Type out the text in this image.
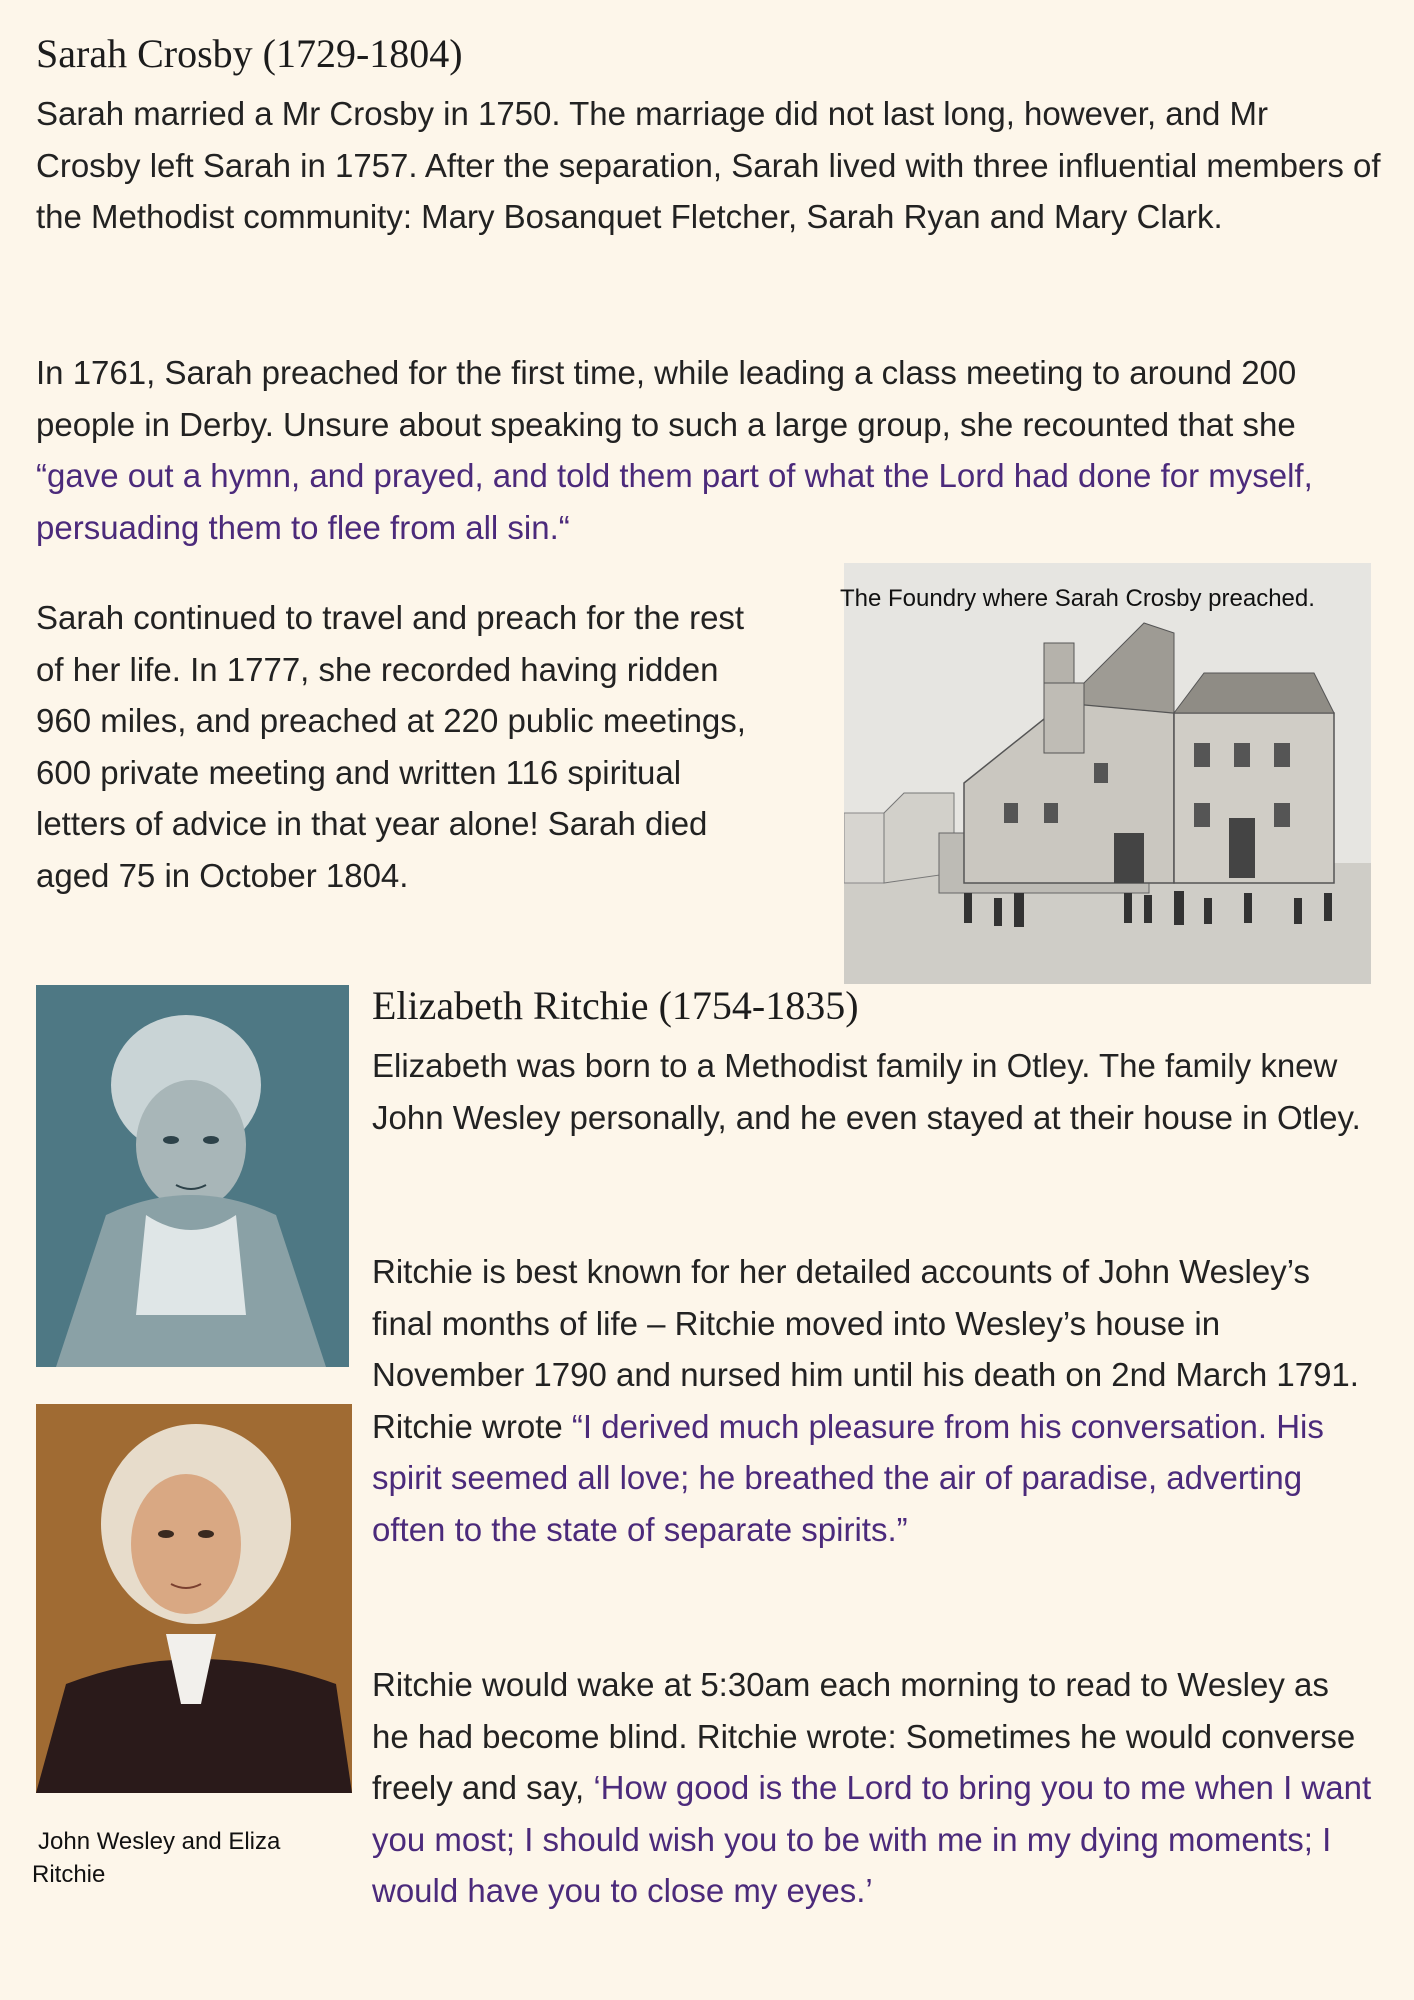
Sarah Crosby (1729-1804)

Sarah married a Mr Crosby in 1750. The marriage did not last long, however, and Mr Crosby left Sarah in 1757. After the separation, Sarah lived with three influential members of the Methodist community: Mary Bosanquet Fletcher, Sarah Ryan and Mary Clark.

In 1761, Sarah preached for the first time, while leading a class meeting to around 200 people in Derby. Unsure about speaking to such a large group, she recounted that she “gave out a hymn, and prayed, and told them part of what the Lord had done for myself, persuading them to flee from all sin.“

Sarah continued to travel and preach for the rest of her life. In 1777, she recorded having ridden 960 miles, and preached at 220 public meetings, 600 private meeting and written 116 spiritual letters of advice in that year alone! Sarah died aged 75 in October 1804.

The Foundry where Sarah Crosby preached.

John Wesley and Eliza Ritchie

Elizabeth Ritchie (1754-1835)

Elizabeth was born to a Methodist family in Otley. The family knew John Wesley personally, and he even stayed at their house in Otley.

Ritchie is best known for her detailed accounts of John Wesley’s final months of life – Ritchie moved into Wesley’s house in November 1790 and nursed him until his death on 2nd March 1791. Ritchie wrote “I derived much pleasure from his conversation. His spirit seemed all love; he breathed the air of paradise, adverting often to the state of separate spirits.”

Ritchie would wake at 5:30am each morning to read to Wesley as he had become blind. Ritchie wrote: Sometimes he would converse freely and say, ‘How good is the Lord to bring you to me when I want you most; I should wish you to be with me in my dying moments; I would have you to close my eyes.’
